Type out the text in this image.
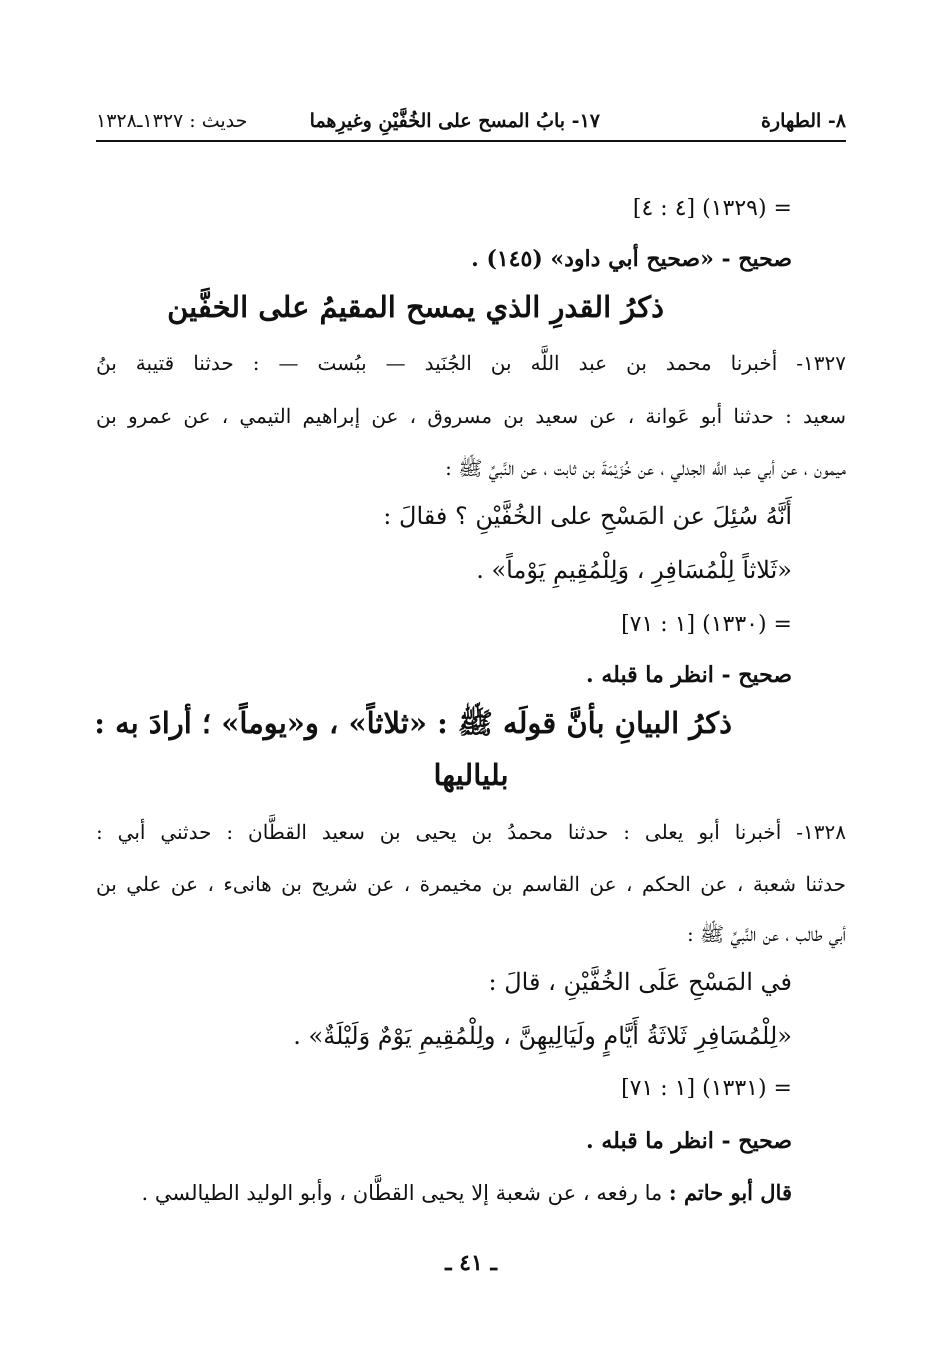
٨- الطهارة
١٧- بابُ المسح على الخُفَّيْنِ وغيرِهما
حديث : ١٣٢٧ـ١٣٢٨
= (١٣٢٩) [٤ : ٤]
صحيح - «صحيح أبي داود» (١٤٥) .
ذكرُ القدرِ الذي يمسح المقيمُ على الخفَّين
١٣٢٧- أخبرنا محمد بن عبد اللَّه بن الجُنَيد — ببُست — : حدثنا قتيبة بنُ
سعيد : حدثنا أبو عَوانة ، عن سعيد بن مسروق ، عن إبراهيم التيمي ، عن عمرو بن
ميمون ، عن أبي عبد اللَّه الجدلي ، عن خُزَيْمَةَ بن ثابت ، عن النَّبيِّ ﷺ :
أَنَّهُ سُئِلَ عن المَسْحِ على الخُفَّيْنِ ؟ فقالَ :
«ثَلاثاً لِلْمُسَافِرِ ، وَلِلْمُقِيمِ يَوْماً» .
= (١٣٣٠) [١ : ٧١]
صحيح - انظر ما قبله .
ذكرُ البيانِ بأنَّ قولَه ﷺ : «ثلاثاً» ، و«يوماً» ؛ أرادَ به :
بلياليها
١٣٢٨- أخبرنا أبو يعلى : حدثنا محمدُ بن يحيى بن سعيد القطَّان : حدثني أبي :
حدثنا شعبة ، عن الحكم ، عن القاسم بن مخيمرة ، عن شريح بن هانىء ، عن علي بن
أبي طالب ، عن النَّبيِّ ﷺ :
في المَسْحِ عَلَى الخُفَّيْنِ ، قالَ :
«لِلْمُسَافِرِ ثَلاثَةُ أَيَّامٍ ولَيَالِيهِنَّ ، ولِلْمُقِيمِ يَوْمٌ وَلَيْلَةٌ» .
= (١٣٣١) [١ : ٧١]
صحيح - انظر ما قبله .
قال أبو حاتم : ما رفعه ، عن شعبة إلا يحيى القطَّان ، وأبو الوليد الطيالسي .
ـ ٤١ ـ
